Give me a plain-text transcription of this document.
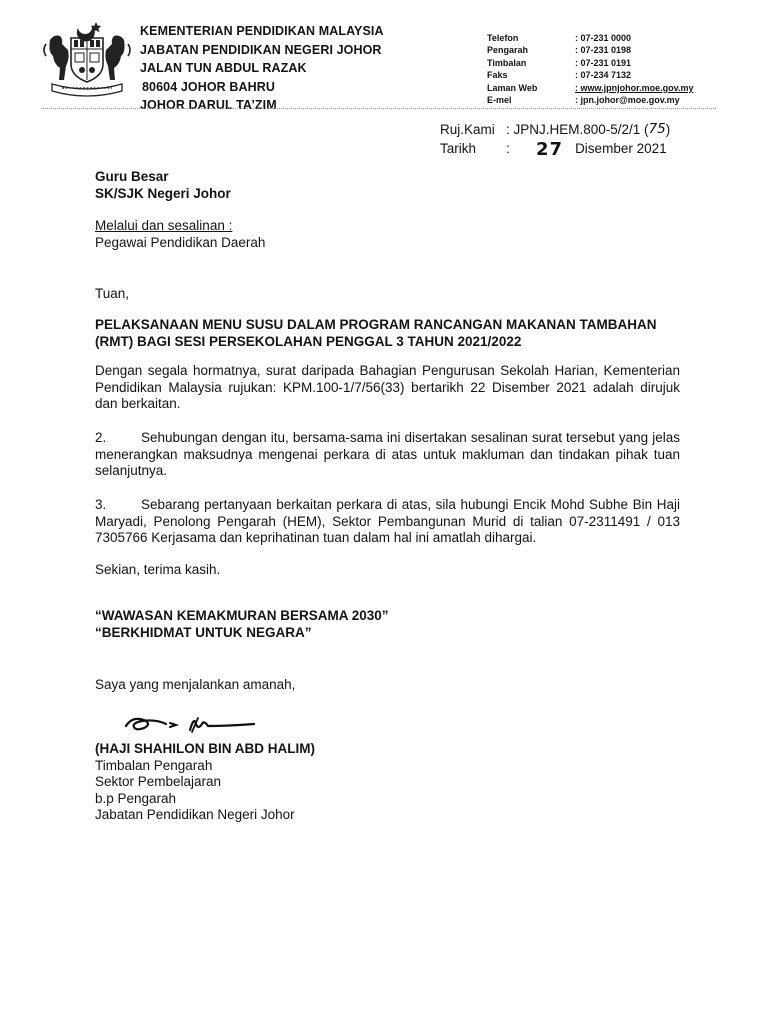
KEMENTERIAN PENDIDIKAN MALAYSIA
JABATAN PENDIDIKAN NEGERI JOHOR
JALAN TUN ABDUL RAZAK
80604 JOHOR BAHRU
JOHOR DARUL TA’ZIM
Telefon	: 07-231 0000
Pengarah	: 07-231 0198
Timbalan	: 07-231 0191
Faks	: 07-234 7132
Laman Web	: www.jpnjohor.moe.gov.my
E-mel	: jpn.johor@moe.gov.my
Ruj.Kami : JPNJ.HEM.800-5/2/1 ( 75 )
Tarikh	:	27 Disember 2021
Guru Besar
SK/SJK Negeri Johor
Melalui dan sesalinan :
Pegawai Pendidikan Daerah
Tuan,
PELAKSANAAN MENU SUSU DALAM PROGRAM RANCANGAN MAKANAN TAMBAHAN (RMT) BAGI SESI PERSEKOLAHAN PENGGAL 3 TAHUN 2021/2022
Dengan segala hormatnya, surat daripada Bahagian Pengurusan Sekolah Harian, Kementerian Pendidikan Malaysia rujukan: KPM.100-1/7/56(33) bertarikh 22 Disember 2021 adalah dirujuk dan berkaitan.
2.	Sehubungan dengan itu, bersama-sama ini disertakan sesalinan surat tersebut yang jelas menerangkan maksudnya mengenai perkara di atas untuk makluman dan tindakan pihak tuan selanjutnya.
3.	Sebarang pertanyaan berkaitan perkara di atas, sila hubungi Encik Mohd Subhe Bin Haji Maryadi, Penolong Pengarah (HEM), Sektor Pembangunan Murid di talian 07-2311491 / 013 7305766 Kerjasama dan keprihatinan tuan dalam hal ini amatlah dihargai.
Sekian, terima kasih.
“WAWASAN KEMAKMURAN BERSAMA 2030”
“BERKHIDMAT UNTUK NEGARA”
Saya yang menjalankan amanah,
(HAJI SHAHILON BIN ABD HALIM)
Timbalan Pengarah
Sektor Pembelajaran
b.p Pengarah
Jabatan Pendidikan Negeri Johor
